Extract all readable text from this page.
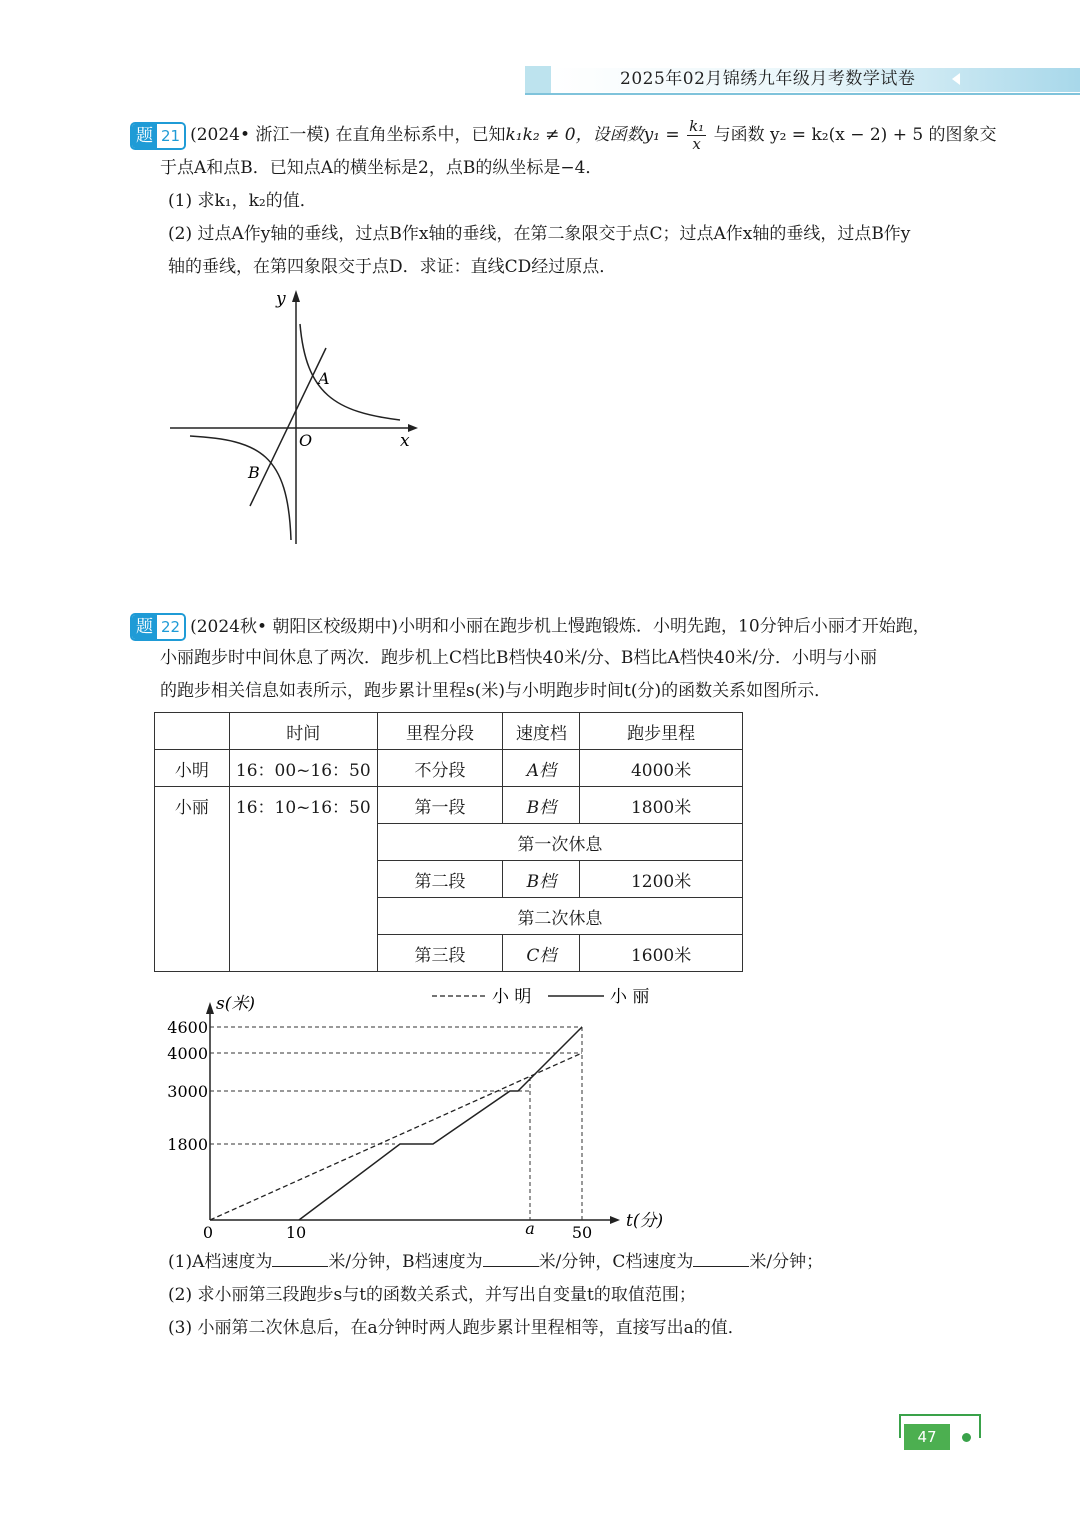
2025年02月锦绣九年级月考数学试卷
题 21 (2024• 浙江一模) 在直角坐标系中，已知k₁k₂ ≠ 0，设函数$y_1 = \frac{\text{k₁}}{x}$ 与函数 y₂ = k₂(x − 2) + 5 的图象交
于点A和点B．已知点A的横坐标是2，点B的纵坐标是−4．
(1) 求k₁，k₂的值．
(2) 过点A作y轴的垂线，过点B作x轴的垂线，在第二象限交于点C；过点A作x轴的垂线，过点B作y
轴的垂线，在第四象限交于点D．求证：直线CD经过原点．
y
x
O
A
B
题 22 (2024秋• 朝阳区校级期中)小明和小丽在跑步机上慢跑锻炼．小明先跑，10分钟后小丽才开始跑，
小丽跑步时中间休息了两次．跑步机上C档比B档快40米/分、B档比A档快40米/分．小明与小丽
的跑步相关信息如表所示，跑步累计里程s(米)与小明跑步时间t(分)的函数关系如图所示．
	时间	里程分段	速度档	跑步里程
小明	16：00~16：50	不分段	A档	4000米
小丽	16：10~16：50	第一段	B档	1800米
		第一次休息		
		第二段	B档	1200米
		第二次休息		
		第三段	C档	1600米
小 明	小 丽
s(米)
t(分)
4600
4000
3000
1800
0	10	a 50
(1)A档速度为	米/分钟，B档速度为	米/分钟，C档速度为	米/分钟；
(2) 求小丽第三段跑步s与t的函数关系式，并写出自变量t的取值范围；
(3) 小丽第二次休息后，在a分钟时两人跑步累计里程相等，直接写出a的值．
47
